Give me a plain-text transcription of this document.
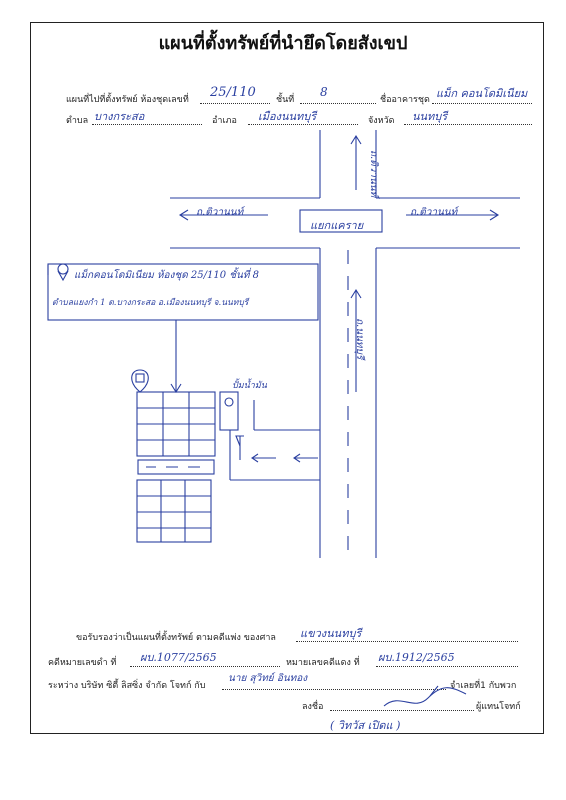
แผนที่ตั้งทรัพย์ที่นำยึดโดยสังเขป
แผนที่ไปที่ตั้งทรัพย์ ห้องชุดเลขที่ 25/110 ชั้นที่
8
ชื่ออาคารชุด แม็ก คอนโดมิเนียม
ตำบล บางกระสอ	อำเภอ เมืองนนทบุรี	จังหวัด นนทบุรี
ถ.ติวานนท์	ถ.ติวานนท์
แยกแคราย
ถ.ติวานนท์
ถ.นนทบุรี
แม็กคอนโดมิเนียม ห้องชุด 25/110 ชั้นที่ 8
ตำบลแยงกำ 1 ต.บางกระสอ อ.เมืองนนทบุรี จ.นนทบุรี
ปั้มน้ำมัน
ขอรับรองว่าเป็นแผนที่ตั้งทรัพย์ ตามคดีแพ่ง ของศาล แขวงนนทบุรี
คดีหมายเลขดำ ที่ ผบ.1077/2565	หมายเลขคดีแดง ที่ ผบ.1912/2565
ระหว่าง บริษัท ซิตี้ ลิสซิ่ง จำกัด โจทก์ กับ
นาย สุวิทย์ อินทอง
จำเลยที่1 กับพวก
ลงชื่อ	ผู้แทนโจทก์
( วิทวัส เปิดแ )
